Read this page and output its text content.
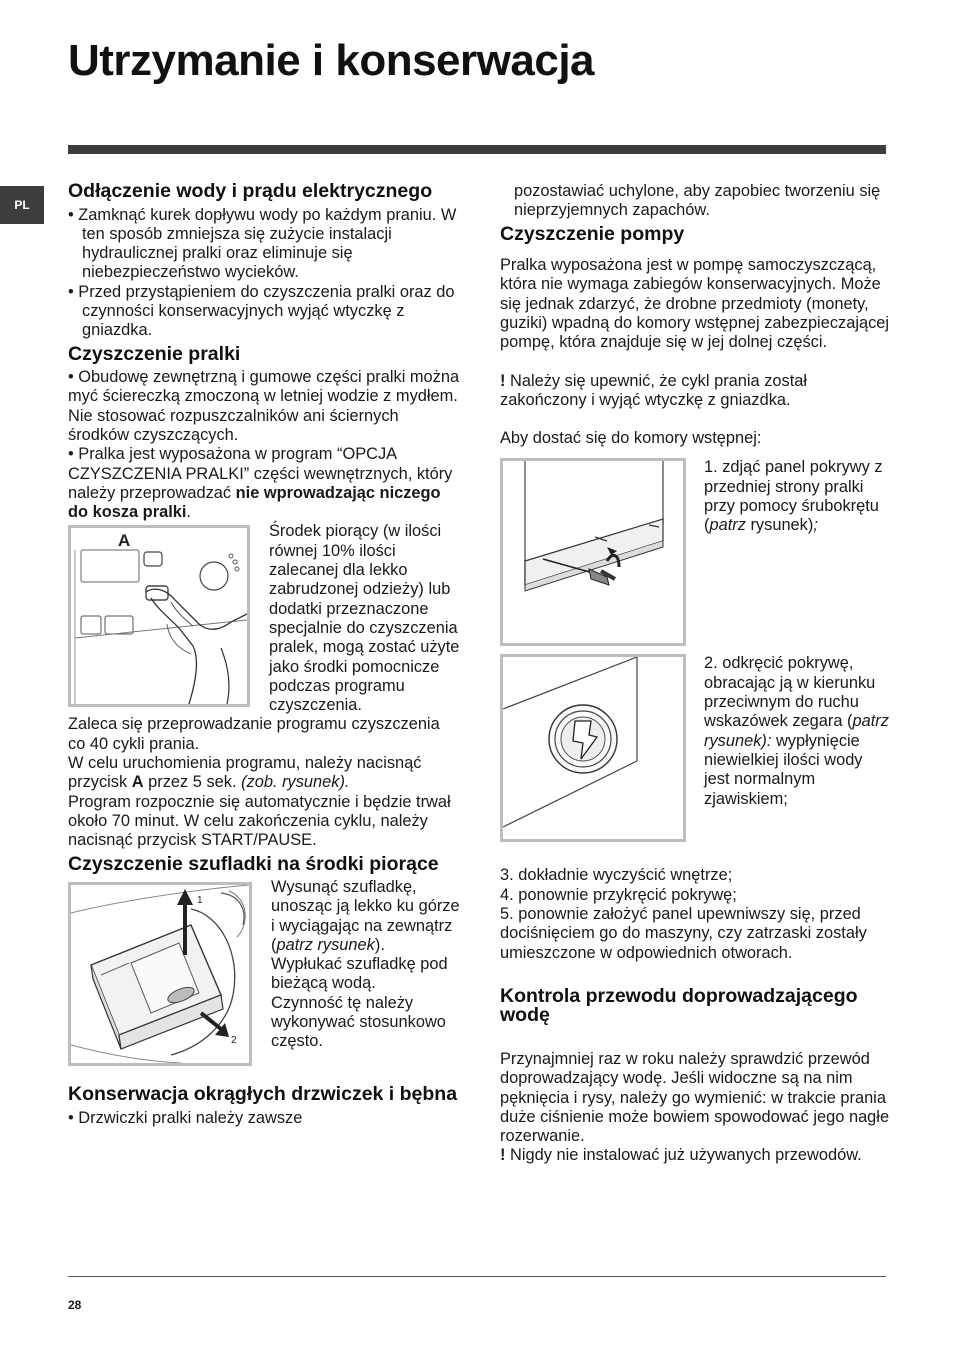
Utrzymanie i konserwacja
PL
Odłączenie wody i prądu elektrycznego

• Zamknąć kurek dopływu wody po każdym praniu. W ten sposób zmniejsza się zużycie instalacji hydraulicznej pralki oraz eliminuje się niebezpieczeństwo wycieków.

• Przed przystąpieniem do czyszczenia pralki oraz do czynności konserwacyjnych wyjąć wtyczkę z gniazdka.

Czyszczenie pralki

• Obudowę zewnętrzną i gumowe części pralki można myć ściereczką zmoczoną w letniej wodzie z mydłem. Nie stosować rozpuszczalników ani ściernych środków czyszczących.

• Pralka jest wyposażona w program “OPCJA CZYSZCZENIA PRALKI” części wewnętrznych, który należy przeprowadzać nie wprowadzając niczego do kosza pralki.

A	Środek piorący (w ilości równej 10% ilości zalecanej dla lekko zabrudzonej odzieży) lub dodatki przeznaczone specjalnie do czyszczenia pralek, mogą zostać użyte jako środki pomocnicze podczas programu czyszczenia.

Zaleca się przeprowadzanie programu czyszczenia co 40 cykli prania.

W celu uruchomienia programu, należy nacisnąć przycisk A przez 5 sek. (zob. rysunek).

Program rozpocznie się automatycznie i będzie trwał około 70 minut. W celu zakończenia cyklu, należy nacisnąć przycisk START/PAUSE.

Czyszczenie szufladki na środki piorące
1
2

Wysunąć szufladkę, unosząc ją lekko ku górze i wyciągając na zewnątrz (patrz rysunek).

Wypłukać szufladkę pod bieżącą wodą.

Czynność tę należy wykonywać stosunkowo często.

Konserwacja okrągłych drzwiczek i bębna

• Drzwiczki pralki należy zawsze

pozostawiać uchylone, aby zapobiec tworzeniu się nieprzyjemnych zapachów.

Czyszczenie pompy

Pralka wyposażona jest w pompę samoczyszczącą, która nie wymaga zabiegów konserwacyjnych. Może się jednak zdarzyć, że drobne przedmioty (monety, guziki) wpadną do komory wstępnej zabezpieczającej pompę, która znajduje się w jej dolnej części.

! Należy się upewnić, że cykl prania został zakończony i wyjąć wtyczkę z gniazdka.

Aby dostać się do komory wstępnej:

1. zdjąć panel pokrywy z przedniej strony pralki przy pomocy śrubokrętu (patrz rysunek);

2. odkręcić pokrywę, obracając ją w kierunku przeciwnym do ruchu wskazówek zegara (patrz rysunek): wypłynięcie niewielkiej ilości wody jest normalnym zjawiskiem;

3. dokładnie wyczyścić wnętrze;

4. ponownie przykręcić pokrywę;

5. ponownie założyć panel upewniwszy się, przed dociśnięciem go do maszyny, czy zatrzaski zostały umieszczone w odpowiednich otworach.

Kontrola przewodu doprowadzającego wodę

Przynajmniej raz w roku należy sprawdzić przewód doprowadzający wodę. Jeśli widoczne są na nim pęknięcia i rysy, należy go wymienić: w trakcie prania duże ciśnienie może bowiem spowodować jego nagłe rozerwanie.

! Nigdy nie instalować już używanych przewodów.

28
